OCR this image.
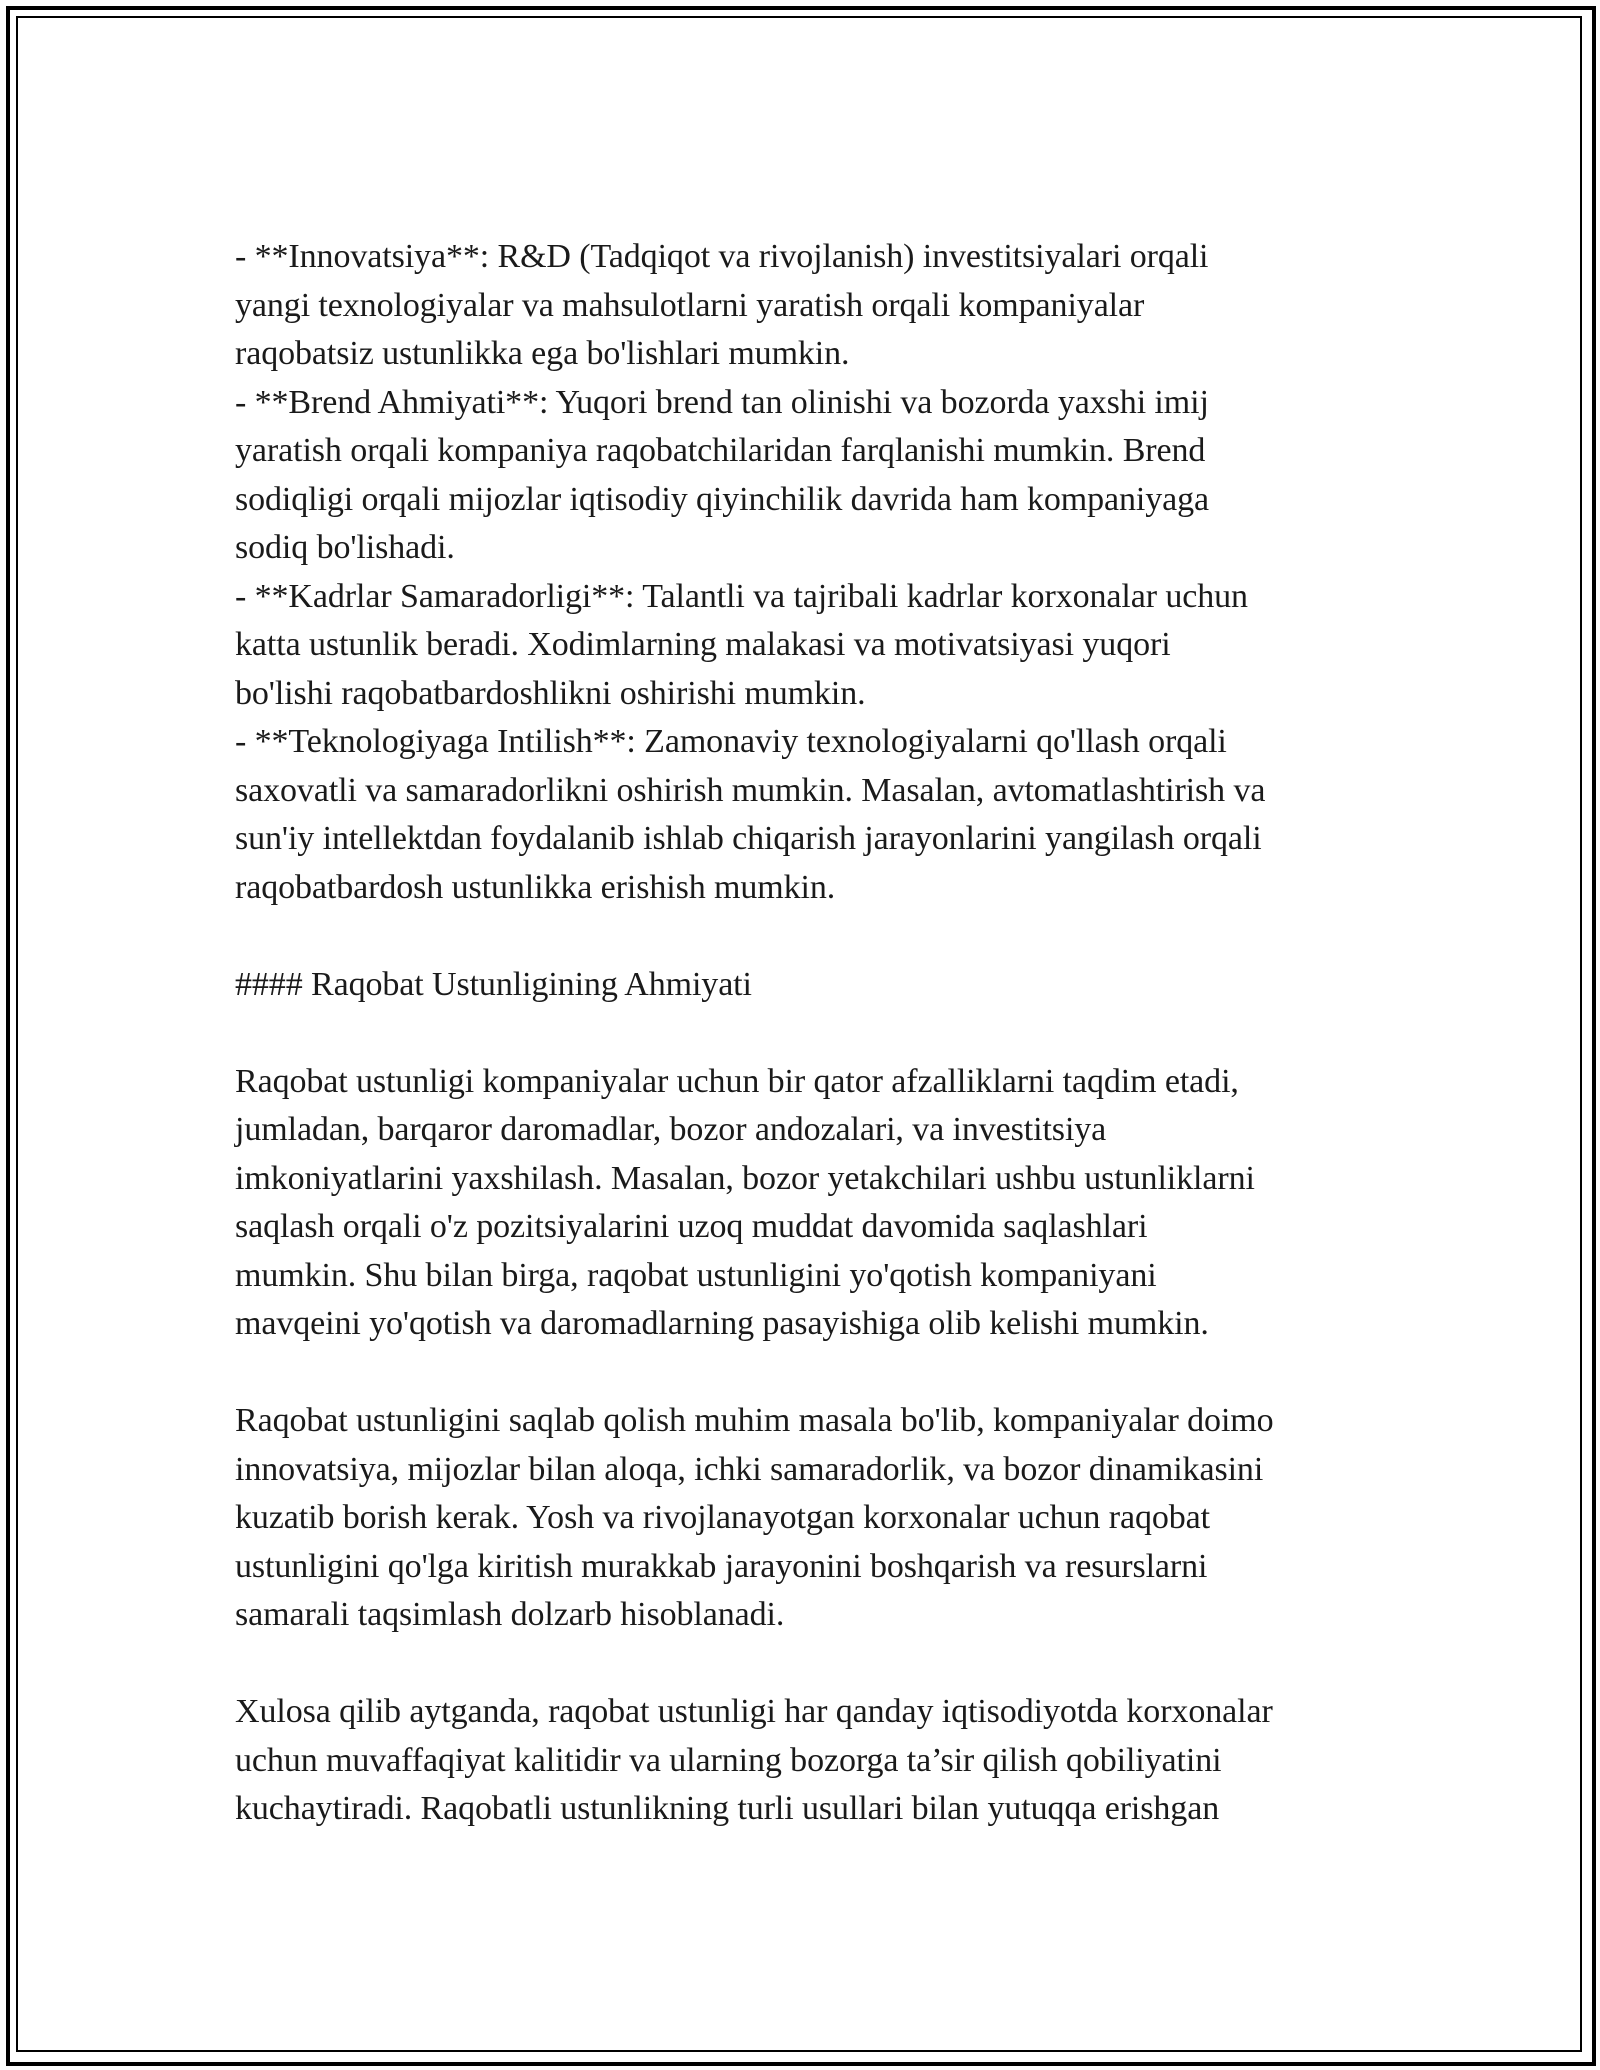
- **Innovatsiya**: R&D (Tadqiqot va rivojlanish) investitsiyalari orqali
yangi texnologiyalar va mahsulotlarni yaratish orqali kompaniyalar
raqobatsiz ustunlikka ega bo'lishlari mumkin.
- **Brend Ahmiyati**: Yuqori brend tan olinishi va bozorda yaxshi imij
yaratish orqali kompaniya raqobatchilaridan farqlanishi mumkin. Brend
sodiqligi orqali mijozlar iqtisodiy qiyinchilik davrida ham kompaniyaga
sodiq bo'lishadi.
- **Kadrlar Samaradorligi**: Talantli va tajribali kadrlar korxonalar uchun
katta ustunlik beradi. Xodimlarning malakasi va motivatsiyasi yuqori
bo'lishi raqobatbardoshlikni oshirishi mumkin.
- **Teknologiyaga Intilish**: Zamonaviy texnologiyalarni qo'llash orqali
saxovatli va samaradorlikni oshirish mumkin. Masalan, avtomatlashtirish va
sun'iy intellektdan foydalanib ishlab chiqarish jarayonlarini yangilash orqali
raqobatbardosh ustunlikka erishish mumkin.
#### Raqobat Ustunligining Ahmiyati
Raqobat ustunligi kompaniyalar uchun bir qator afzalliklarni taqdim etadi,
jumladan, barqaror daromadlar, bozor andozalari, va investitsiya
imkoniyatlarini yaxshilash. Masalan, bozor yetakchilari ushbu ustunliklarni
saqlash orqali o'z pozitsiyalarini uzoq muddat davomida saqlashlari
mumkin. Shu bilan birga, raqobat ustunligini yo'qotish kompaniyani
mavqeini yo'qotish va daromadlarning pasayishiga olib kelishi mumkin.
Raqobat ustunligini saqlab qolish muhim masala bo'lib, kompaniyalar doimo
innovatsiya, mijozlar bilan aloqa, ichki samaradorlik, va bozor dinamikasini
kuzatib borish kerak. Yosh va rivojlanayotgan korxonalar uchun raqobat
ustunligini qo'lga kiritish murakkab jarayonini boshqarish va resurslarni
samarali taqsimlash dolzarb hisoblanadi.
Xulosa qilib aytganda, raqobat ustunligi har qanday iqtisodiyotda korxonalar
uchun muvaffaqiyat kalitidir va ularning bozorga ta’sir qilish qobiliyatini
kuchaytiradi. Raqobatli ustunlikning turli usullari bilan yutuqqa erishgan
